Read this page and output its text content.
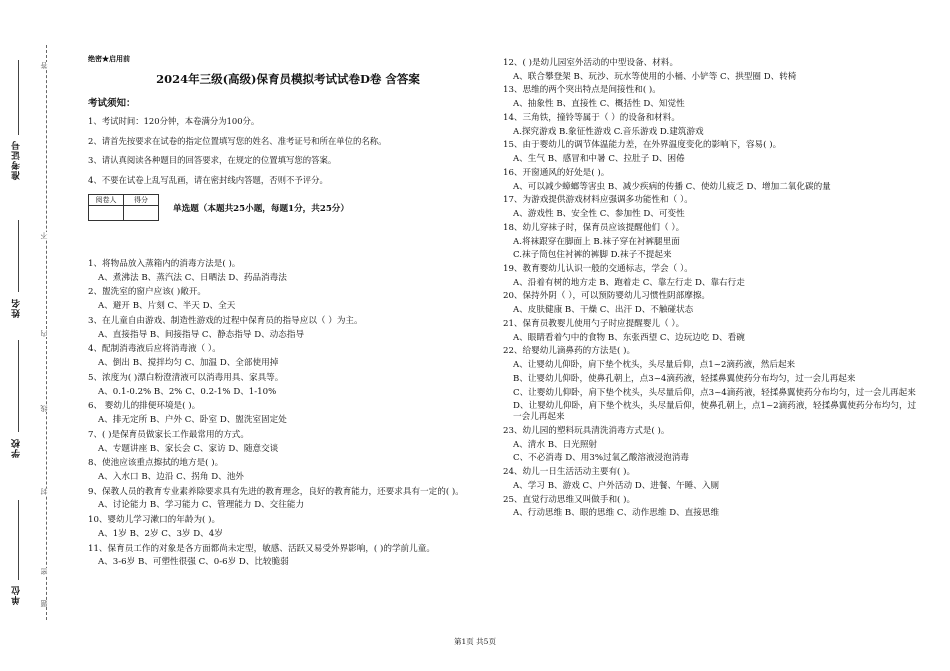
准考证号
姓名
学校
单位
答
不
内
线
封
密
题
绝密★启用前
2024年三级(高级)保育员模拟考试试卷D卷 含答案
考试须知：
1、考试时间：120分钟，本卷满分为100分。
2、请首先按要求在试卷的指定位置填写您的姓名、准考证号和所在单位的名称。
3、请认真阅读各种题目的回答要求，在规定的位置填写您的答案。
4、不要在试卷上乱写乱画，请在密封线内答题，否则不予评分。
阅卷人	得分

单选题（本题共25小题，每题1分，共25分）
1、将物品放入蒸箱内的消毒方法是( )。
A、煮沸法 B、蒸汽法 C、日晒法 D、药品消毒法
2、盥洗室的窗户应该( )敞开。
A、避开 B、片刻 C、半天 D、全天
3、在儿童自由游戏、制造性游戏的过程中保育员的指导应以（ ）为主。
A、直接指导 B、间接指导 C、静态指导 D、动态指导
4、配制消毒液后应将消毒液（ ）。
A、倒出 B、搅拌均匀 C、加温 D、全部使用掉
5、浓度为( )漂白粉澄清液可以消毒用具、家具等。
A、0.1-0.2% B、2% C、0.2-1% D、1-10%
6、 婴幼儿的排便环境是( )。
A、排无定所 B、户外 C、卧室 D、盥洗室固定处
7、( )是保育员做家长工作最常用的方式。
A、专题讲座 B、家长会 C、家访 D、随意交谈
8、使池应该重点擦拭的地方是( )。
A、入水口 B、边沿 C、拐角 D、池外
9、保教人员的教育专业素养除要求具有先进的教育理念，良好的教育能力，还要求具有一定的( )。
A、讨论能力 B、学习能力 C、管理能力 D、交往能力
10、婴幼儿学习漱口的年龄为( )。
A、1岁 B、2岁 C、3岁 D、4岁
11、保育员工作的对象是各方面都尚未定型，敏感、活跃又易受外界影响，( )的学前儿童。
A、3-6岁 B、可塑性很强 C、0-6岁 D、比较脆弱
12、( )是幼儿园室外活动的中型设备、材料。
A、联合攀登架 B、玩沙、玩水等使用的小桶、小铲等 C、拱型圈 D、转椅
13、思维的两个突出特点是间接性和( )。
A、抽象性 B、直接性 C、概括性 D、知觉性
14、三角铁，撞铃等属于（ ）的设备和材料。
A.探究游戏 B.象征性游戏 C.音乐游戏 D.建筑游戏
15、由于婴幼儿的调节体温能力差，在外界温度变化的影响下，容易( )。
A、生气 B、感冒和中暑 C、拉肚子 D、困倦
16、开窗通风的好处是( )。
A、可以减少蟑螂等害虫 B、减少疾病的传播 C、使幼儿疲乏 D、增加二氧化碳的量
17、为游戏提供游戏材料应强调多功能性和（ ）。
A、游戏性 B、安全性 C、参加性 D、可变性
18、幼儿穿袜子时，保育员应该提醒他们（ ）。
A.将袜跟穿在脚面上 B.袜子穿在衬裤腿里面
C.袜子筒包住衬裤的裤脚 D.袜子不提起来
19、教育婴幼儿认识一般的交通标志，学会（ ）。
A、沿着有树的地方走 B、跑着走 C、靠左行走 D、靠右行走
20、保持外阴（ ），可以预防婴幼儿习惯性阴部摩擦。
A、皮肤健康 B、干燥 C、出汗 D、不触碰状态
21、保育员教婴儿使用勺子时应提醒婴儿（ ）。
A、眼睛看着勺中的食物 B、东张西望 C、边玩边吃 D、看碗
22、给婴幼儿滴鼻药的方法是( )。
A、让婴幼儿仰卧，肩下垫个枕头，头尽量后仰，点1~2滴药液，然后起来
B、让婴幼儿仰卧，使鼻孔朝上，点3~4滴药液，轻揉鼻翼使药分布均匀，过一会儿再起来
C、让婴幼儿仰卧，肩下垫个枕头，头尽量后仰，点3~4滴药液，轻揉鼻翼使药分布均匀，过一会儿再起来
D、让婴幼儿仰卧，肩下垫个枕头，头尽量后仰，使鼻孔朝上，点1~2滴药液，轻揉鼻翼使药分布均匀，过一会儿再起来
23、幼儿园的塑料玩具清洗消毒方式是( )。
A、清水 B、日光照射
C、不必消毒 D、用3%过氧乙酸溶液浸泡消毒
24、幼儿一日生活活动主要有( )。
A、学习 B、游戏 C、户外活动 D、进餐、午睡、入厕
25、直觉行动思维又叫做手和( )。
A、行动思维 B、眼的思维 C、动作思维 D、直接思维
第1页 共5页
